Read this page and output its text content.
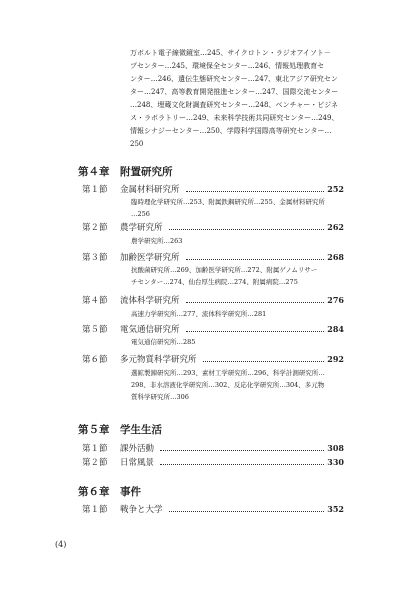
万ボルト電子線微鏡室…245、サイクロトン・ラジオアイソト－
プセンター…245、環境保全センター…246、情報処理教育セ
ンター…246、遺伝生態研究センター…247、東北アジア研究セン
ター…247、高等教育開発推進センター…247、国際交流センター
…248、埋蔵文化財調査研究センター…248、ベンチャー・ビジネ
ス・ラボラトリー…249、未来科学技術共同研究センター…249、
情報シナジーセンター…250、学際科学国際高等研究センター…
250
第４章　附置研究所
第１節	金属材料研究所	252
臨時理化学研究所…253、附属鉄鋼研究所…255、金属材料研究所
…256
第２節	農学研究所	262
農学研究所…263
第３節	加齢医学研究所	268
抗酸菌研究所…269、加齢医学研究所…272、附属ゲノムリサー
チセンター…274、仙台厚生病院…274、附属病院…275
第４節	流体科学研究所	276
高速力学研究所…277、流体科学研究所…281
第５節	電気通信研究所	284
電気通信研究所…285
第６節	多元物質科学研究所	292
選鉱製錬研究所…293、素材工学研究所…296、科学計測研究所…
298、非水溶液化学研究所…302、反応化学研究所…304、多元物
質科学研究所…306
第５章　学生生活
第１節	課外活動	308
第２節	日常風景	330
第６章　事件
第１節	戦争と大学	352
(4)
